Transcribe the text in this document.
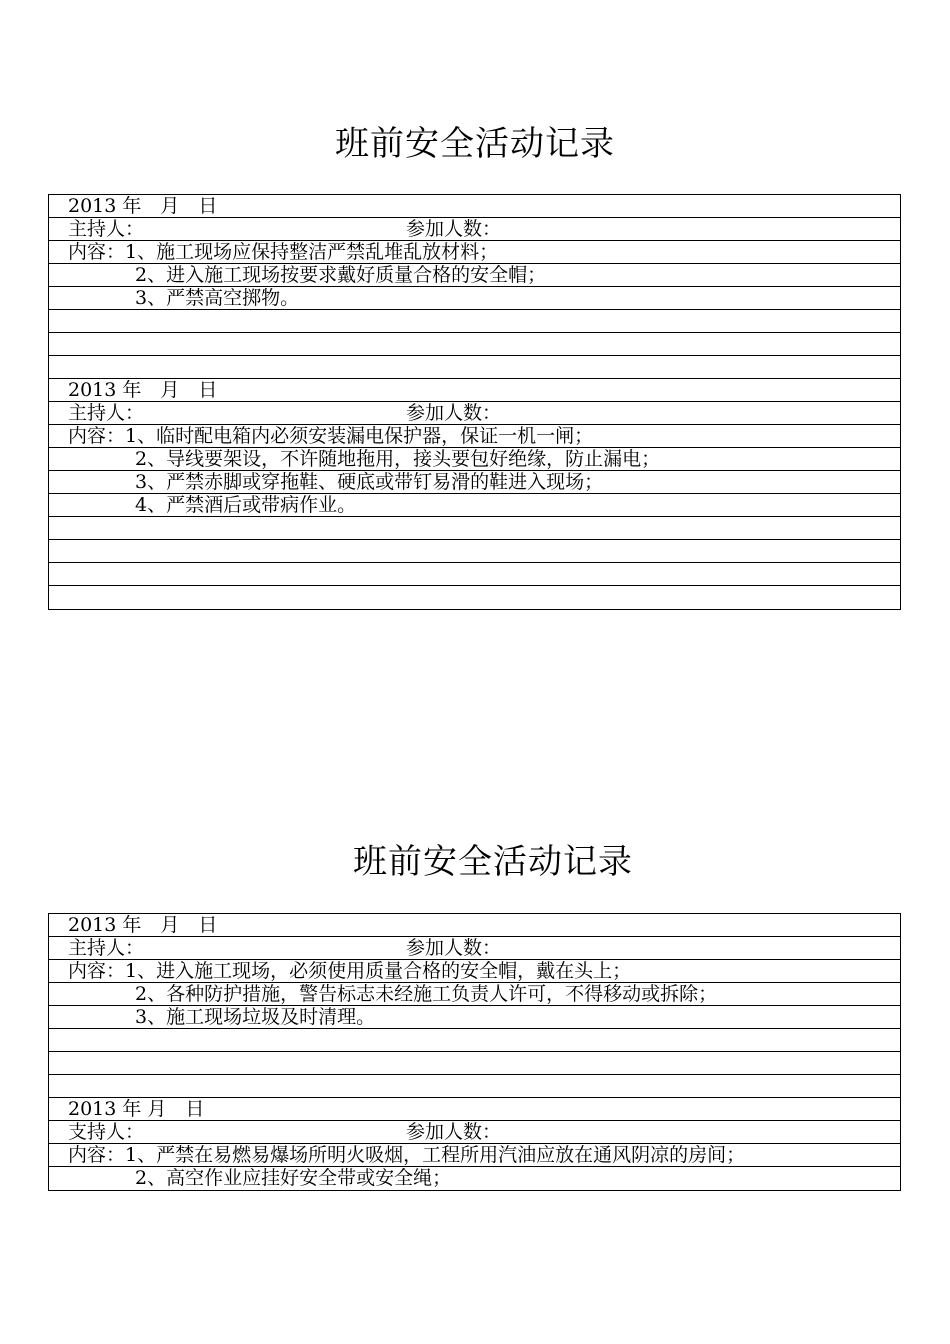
班前安全活动记录
2013 年　月　日
主持人：	参加人数：
内容：1、施工现场应保持整洁严禁乱堆乱放材料；
2、进入施工现场按要求戴好质量合格的安全帽；
3、严禁高空掷物。
2013 年　月　日
主持人：	参加人数：
内容：1、临时配电箱内必须安装漏电保护器，保证一机一闸；
2、导线要架设，不许随地拖用，接头要包好绝缘，防止漏电；
3、严禁赤脚或穿拖鞋、硬底或带钉易滑的鞋进入现场；
4、严禁酒后或带病作业。
班前安全活动记录
2013 年　月　日
主持人：	参加人数：
内容：1、进入施工现场，必须使用质量合格的安全帽，戴在头上；
2、各种防护措施，警告标志未经施工负责人许可，不得移动或拆除；
3、施工现场垃圾及时清理。
2013 年 月　日
支持人：	参加人数：
内容：1、严禁在易燃易爆场所明火吸烟，工程所用汽油应放在通风阴凉的房间；
2、高空作业应挂好安全带或安全绳；
